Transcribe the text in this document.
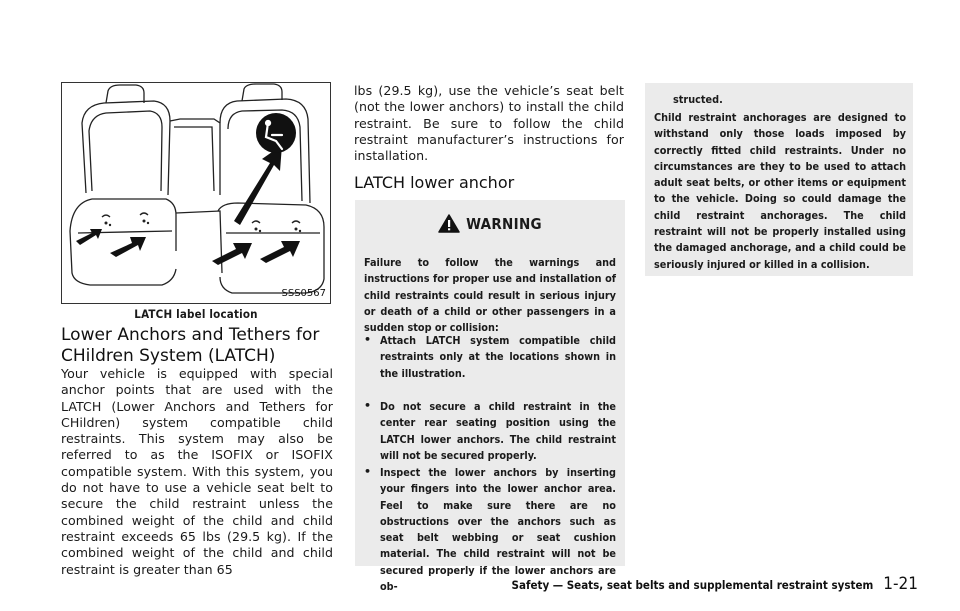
SSS0567
LATCH label location
Lower Anchors and Tethers for CHildren System (LATCH)
Your vehicle is equipped with special anchor points that are used with the LATCH (Lower Anchors and Tethers for CHildren) system compatible child restraints. This system may also be referred to as the ISOFIX or ISOFIX compatible system. With this system, you do not have to use a vehicle seat belt to secure the child restraint unless the combined weight of the child and child restraint exceeds 65 lbs (29.5 kg). If the combined weight of the child and child restraint is greater than 65
lbs (29.5 kg), use the vehicle’s seat belt (not the lower anchors) to install the child restraint. Be sure to follow the child restraint manufacturer’s instructions for installation.
LATCH lower anchor
WARNING
Failure to follow the warnings and instructions for proper use and installation of child restraints could result in serious injury or death of a child or other passengers in a sudden stop or collision:
• Attach LATCH system compatible child restraints only at the locations shown in the illustration.
• Do not secure a child restraint in the center rear seating position using the LATCH lower anchors. The child restraint will not be secured properly.
• Inspect the lower anchors by inserting your fingers into the lower anchor area. Feel to make sure there are no obstructions over the anchors such as seat belt webbing or seat cushion material. The child restraint will not be secured properly if the lower anchors are ob-
structed.
Child restraint anchorages are designed to withstand only those loads imposed by correctly fitted child restraints. Under no circumstances are they to be used to attach adult seat belts, or other items or equipment to the vehicle. Doing so could damage the child restraint anchorages. The child restraint will not be properly installed using the damaged anchorage, and a child could be seriously injured or killed in a collision.
Safety — Seats, seat belts and supplemental restraint system 1-21
